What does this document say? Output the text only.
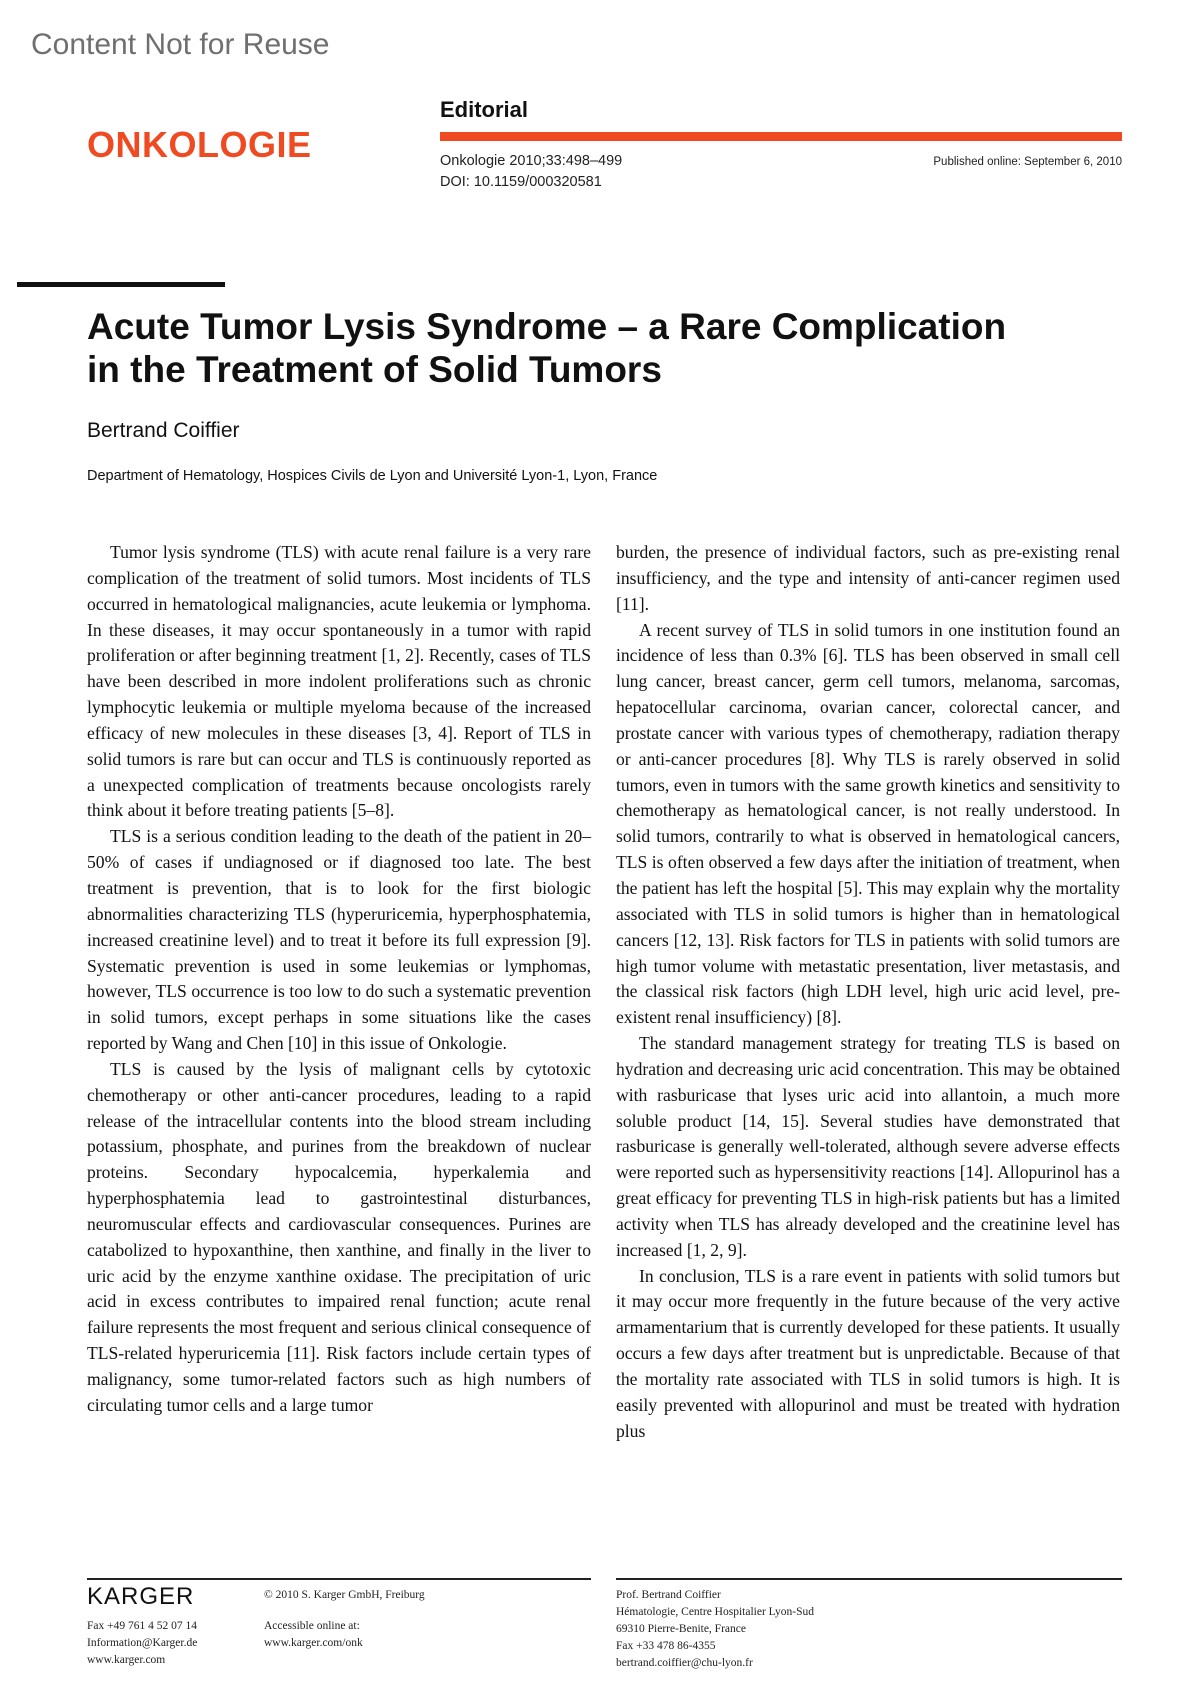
Content Not for Reuse
ONKOLOGIE
Editorial
Onkologie 2010;33:498–499
DOI: 10.1159/000320581
Published online: September 6, 2010
Acute Tumor Lysis Syndrome – a Rare Complication
in the Treatment of Solid Tumors
Bertrand Coiffier
Department of Hematology, Hospices Civils de Lyon and Université Lyon-1, Lyon, France

Tumor lysis syndrome (TLS) with acute renal failure is a very rare complication of the treatment of solid tumors. Most incidents of TLS occurred in hematological malignancies, acute leukemia or lymphoma. In these diseases, it may occur spontaneously in a tumor with rapid proliferation or after beginning treatment [1, 2]. Recently, cases of TLS have been described in more indolent proliferations such as chronic lymphocytic leukemia or multiple myeloma because of the increased efficacy of new molecules in these diseases [3, 4]. Report of TLS in solid tumors is rare but can occur and TLS is continuously reported as a unexpected complication of treatments because oncologists rarely think about it before treating patients [5–8].

TLS is a serious condition leading to the death of the patient in 20–50% of cases if undiagnosed or if diagnosed too late. The best treatment is prevention, that is to look for the first biologic abnormalities characterizing TLS (hyperuricemia, hyperphosphatemia, increased creatinine level) and to treat it before its full expression [9]. Systematic prevention is used in some leukemias or lymphomas, however, TLS occurrence is too low to do such a systematic prevention in solid tumors, except perhaps in some situations like the cases reported by Wang and Chen [10] in this issue of Onkologie.

TLS is caused by the lysis of malignant cells by cytotoxic chemotherapy or other anti-cancer procedures, leading to a rapid release of the intracellular contents into the blood stream including potassium, phosphate, and purines from the breakdown of nuclear proteins. Secondary hypocalcemia, hyperkalemia and hyperphosphatemia lead to gastrointestinal disturbances, neuromuscular effects and cardiovascular consequences. Purines are catabolized to hypoxanthine, then xanthine, and finally in the liver to uric acid by the enzyme xanthine oxidase. The precipitation of uric acid in excess contributes to impaired renal function; acute renal failure represents the most frequent and serious clinical consequence of TLS-related hyperuricemia [11]. Risk factors include certain types of malignancy, some tumor-related factors such as high numbers of circulating tumor cells and a large tumor

burden, the presence of individual factors, such as pre-existing renal insufficiency, and the type and intensity of anti-cancer regimen used [11].

A recent survey of TLS in solid tumors in one institution found an incidence of less than 0.3% [6]. TLS has been observed in small cell lung cancer, breast cancer, germ cell tumors, melanoma, sarcomas, hepatocellular carcinoma, ovarian cancer, colorectal cancer, and prostate cancer with various types of chemotherapy, radiation therapy or anti-cancer procedures [8]. Why TLS is rarely observed in solid tumors, even in tumors with the same growth kinetics and sensitivity to chemotherapy as hematological cancer, is not really understood. In solid tumors, contrarily to what is observed in hematological cancers, TLS is often observed a few days after the initiation of treatment, when the patient has left the hospital [5]. This may explain why the mortality associated with TLS in solid tumors is higher than in hematological cancers [12, 13]. Risk factors for TLS in patients with solid tumors are high tumor volume with metastatic presentation, liver metastasis, and the classical risk factors (high LDH level, high uric acid level, pre-existent renal insufficiency) [8].

The standard management strategy for treating TLS is based on hydration and decreasing uric acid concentration. This may be obtained with rasburicase that lyses uric acid into allantoin, a much more soluble product [14, 15]. Several studies have demonstrated that rasburicase is generally well-tolerated, although severe adverse effects were reported such as hypersensitivity reactions [14]. Allopurinol has a great efficacy for preventing TLS in high-risk patients but has a limited activity when TLS has already developed and the creatinine level has increased [1, 2, 9].

In conclusion, TLS is a rare event in patients with solid tumors but it may occur more frequently in the future because of the very active armamentarium that is currently developed for these patients. It usually occurs a few days after treatment but is unpredictable. Because of that the mortality rate associated with TLS in solid tumors is high. It is easily prevented with allopurinol and must be treated with hydration plus

KARGER
Fax +49 761 4 52 07 14
Information@Karger.de
www.karger.com
© 2010 S. Karger GmbH, Freiburg
Accessible online at:
www.karger.com/onk
Prof. Bertrand Coiffier
Hématologie, Centre Hospitalier Lyon-Sud
69310 Pierre-Benite, France
Fax +33 478 86-4355
bertrand.coiffier@chu-lyon.fr
